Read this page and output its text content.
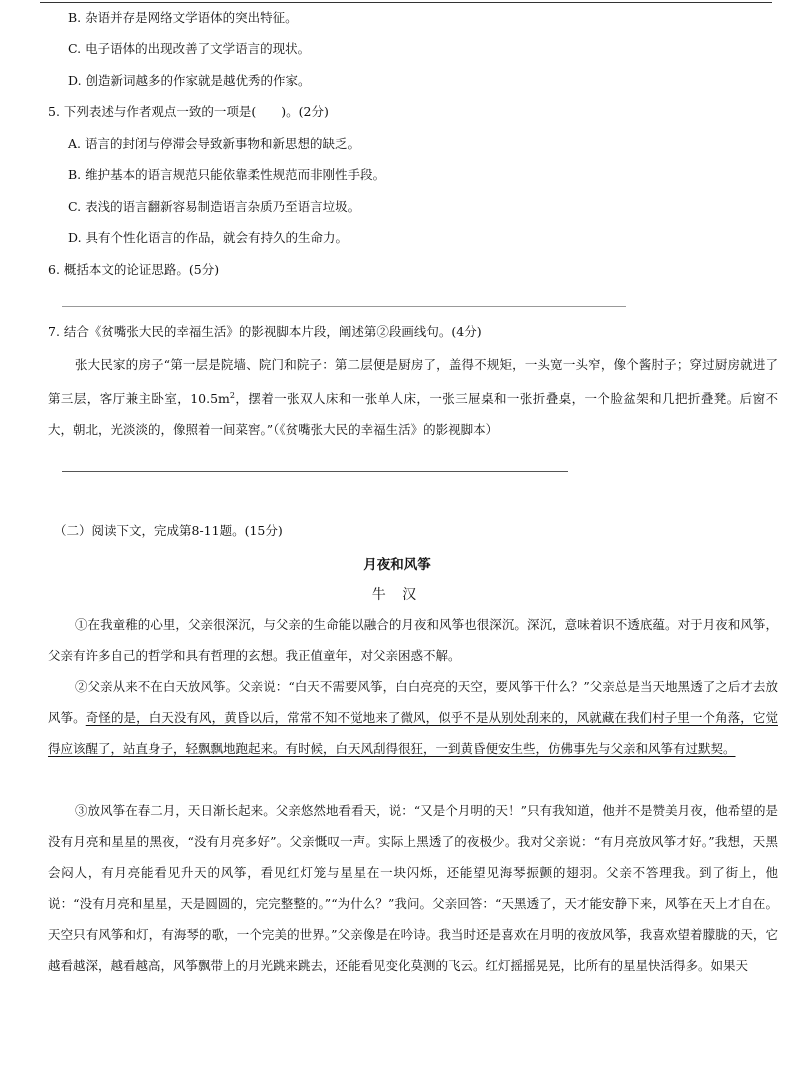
B. 杂语并存是网络文学语体的突出特征。
C. 电子语体的出现改善了文学语言的现状。
D. 创造新词越多的作家就是越优秀的作家。
5. 下列表述与作者观点一致的一项是(　　)。(2分)
A. 语言的封闭与停滞会导致新事物和新思想的缺乏。
B. 维护基本的语言规范只能依靠柔性规范而非刚性手段。
C. 表浅的语言翻新容易制造语言杂质乃至语言垃圾。
D. 具有个性化语言的作品，就会有持久的生命力。
6. 概括本文的论证思路。(5分)
7. 结合《贫嘴张大民的幸福生活》的影视脚本片段，阐述第②段画线句。(4分)
张大民家的房子“第一层是院墙、院门和院子：第二层便是厨房了，盖得不规矩，一头宽一头窄，像个酱肘子；穿过厨房就进了第三层，客厅兼主卧室，$10.5m^2$，摆着一张双人床和一张单人床，一张三屉桌和一张折叠桌，一个脸盆架和几把折叠凳。后窗不大，朝北，光淡淡的，像照着一间菜窖。”（《贫嘴张大民的幸福生活》的影视脚本）
（二）阅读下文，完成第8-11题。(15分)
月夜和风筝
牛 汉
①在我童稚的心里，父亲很深沉，与父亲的生命能以融合的月夜和风筝也很深沉。深沉，意味着识不透底蕴。对于月夜和风筝，父亲有许多自己的哲学和具有哲理的玄想。我正值童年，对父亲困惑不解。
②父亲从来不在白天放风筝。父亲说：“白天不需要风筝，白白亮亮的天空，要风筝干什么？”父亲总是当天地黑透了之后才去放风筝。奇怪的是，白天没有风，黄昏以后，常常不知不觉地来了微风，似乎不是从别处刮来的，风就藏在我们村子里一个角落，它觉得应该醒了，站直身子，轻飘飘地跑起来。有时候，白天风刮得很狂，一到黄昏便安生些，仿佛事先与父亲和风筝有过默契。
③放风筝在春二月，天日渐长起来。父亲悠然地看看天，说：“又是个月明的天！”只有我知道，他并不是赞美月夜，他希望的是没有月亮和星星的黑夜，“没有月亮多好”。父亲慨叹一声。实际上黑透了的夜极少。我对父亲说：“有月亮放风筝才好。”我想，天黑会闷人，有月亮能看见升天的风筝，看见红灯笼与星星在一块闪烁，还能望见海琴振颤的翅羽。父亲不答理我。到了街上，他说：“没有月亮和星星，天是圆圆的，完完整整的。”“为什么？”我问。父亲回答：“天黑透了，天才能安静下来，风筝在天上才自在。天空只有风筝和灯，有海琴的歌，一个完美的世界。”父亲像是在吟诗。我当时还是喜欢在月明的夜放风筝，我喜欢望着朦胧的天，它越看越深，越看越高，风筝飘带上的月光跳来跳去，还能看见变化莫测的飞云。红灯摇摇晃晃，比所有的星星快活得多。如果天
